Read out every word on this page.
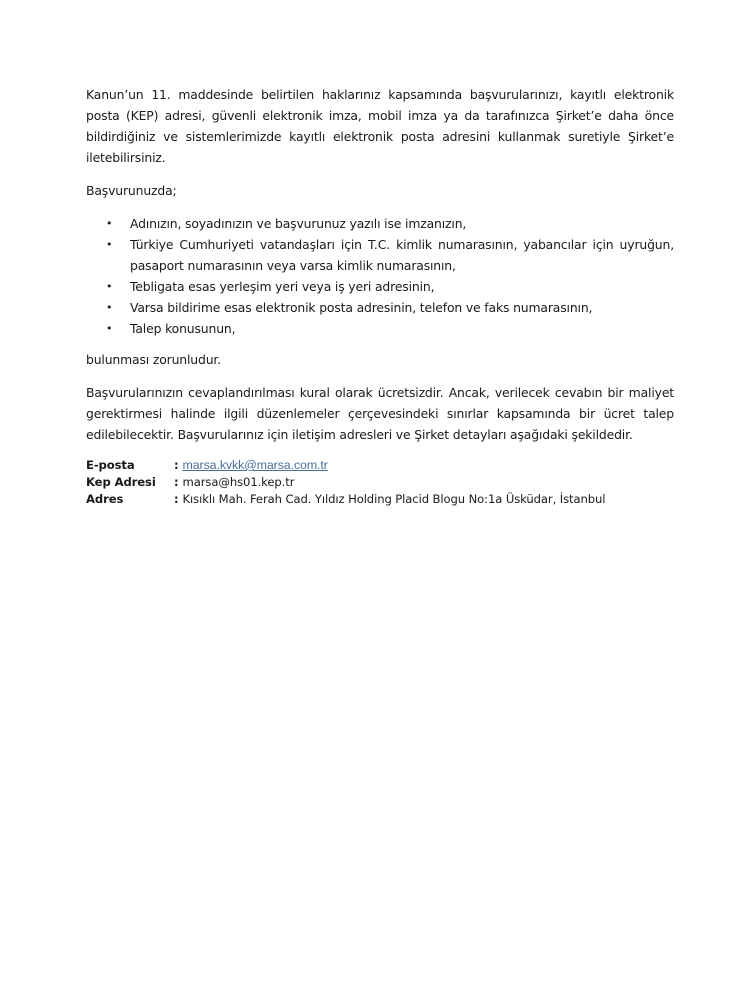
Kanun’un 11. maddesinde belirtilen haklarınız kapsamında başvurularınızı, kayıtlı elektronik posta (KEP) adresi, güvenli elektronik imza, mobil imza ya da tarafınızca Şirket’e daha önce bildirdiğiniz ve sistemlerimizde kayıtlı elektronik posta adresini kullanmak suretiyle Şirket’e iletebilirsiniz.

Başvurunuzda;

• Adınızın, soyadınızın ve başvurunuz yazılı ise imzanızın,
• Türkiye Cumhuriyeti vatandaşları için T.C. kimlik numarasının, yabancılar için uyruğun, pasaport numarasının veya varsa kimlik numarasının,
• Tebligata esas yerleşim yeri veya iş yeri adresinin,
• Varsa bildirime esas elektronik posta adresinin, telefon ve faks numarasının,
• Talep konusunun,

bulunması zorunludur.

Başvurularınızın cevaplandırılması kural olarak ücretsizdir. Ancak, verilecek cevabın bir maliyet gerektirmesi halinde ilgili düzenlemeler çerçevesindeki sınırlar kapsamında bir ücret talep edilebilecektir. Başvurularınız için iletişim adresleri ve Şirket detayları aşağıdaki şekildedir.

E-posta	: marsa.kvkk@marsa.com.tr
Kep Adresi	: marsa@hs01.kep.tr
Adres	: Kısıklı Mah. Ferah Cad. Yıldız Holding Placid Blogu No:1a Üsküdar, İstanbul
